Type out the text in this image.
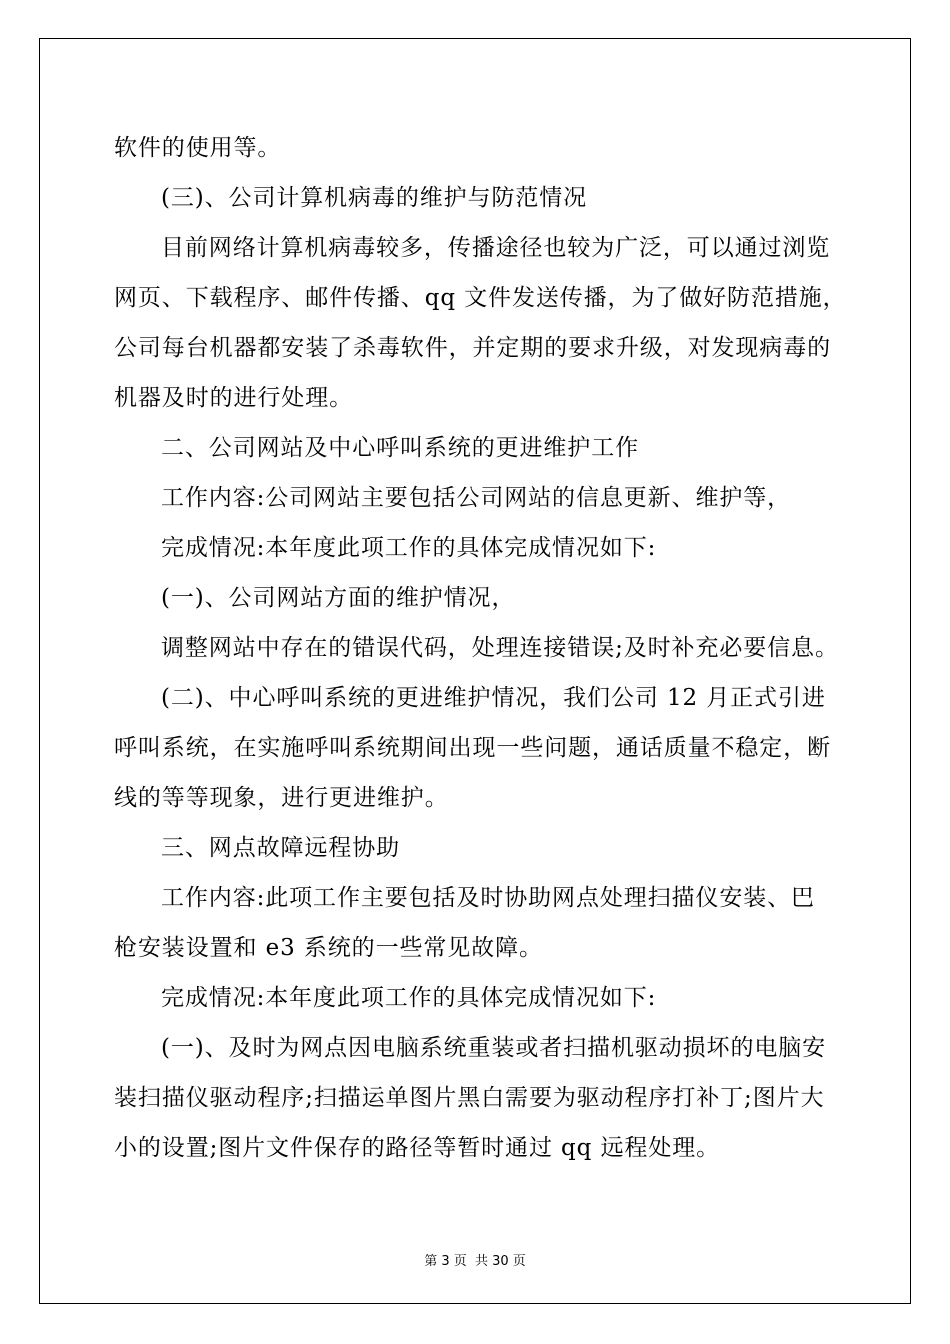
软件的使用等。
(三)、公司计算机病毒的维护与防范情况
目前网络计算机病毒较多，传播途径也较为广泛，可以通过浏览
网页、下载程序、邮件传播、qq 文件发送传播，为了做好防范措施，
公司每台机器都安装了杀毒软件，并定期的要求升级，对发现病毒的
机器及时的进行处理。
二、公司网站及中心呼叫系统的更进维护工作
工作内容:公司网站主要包括公司网站的信息更新、维护等，
完成情况:本年度此项工作的具体完成情况如下:
(一)、公司网站方面的维护情况，
调整网站中存在的错误代码，处理连接错误;及时补充必要信息。
(二)、中心呼叫系统的更进维护情况，我们公司 12 月正式引进
呼叫系统，在实施呼叫系统期间出现一些问题，通话质量不稳定，断
线的等等现象，进行更进维护。
三、网点故障远程协助
工作内容:此项工作主要包括及时协助网点处理扫描仪安装、巴
枪安装设置和 e3 系统的一些常见故障。
完成情况:本年度此项工作的具体完成情况如下:
(一)、及时为网点因电脑系统重装或者扫描机驱动损坏的电脑安
装扫描仪驱动程序;扫描运单图片黑白需要为驱动程序打补丁;图片大
小的设置;图片文件保存的路径等暂时通过 qq 远程处理。
第 3 页 共 30 页
